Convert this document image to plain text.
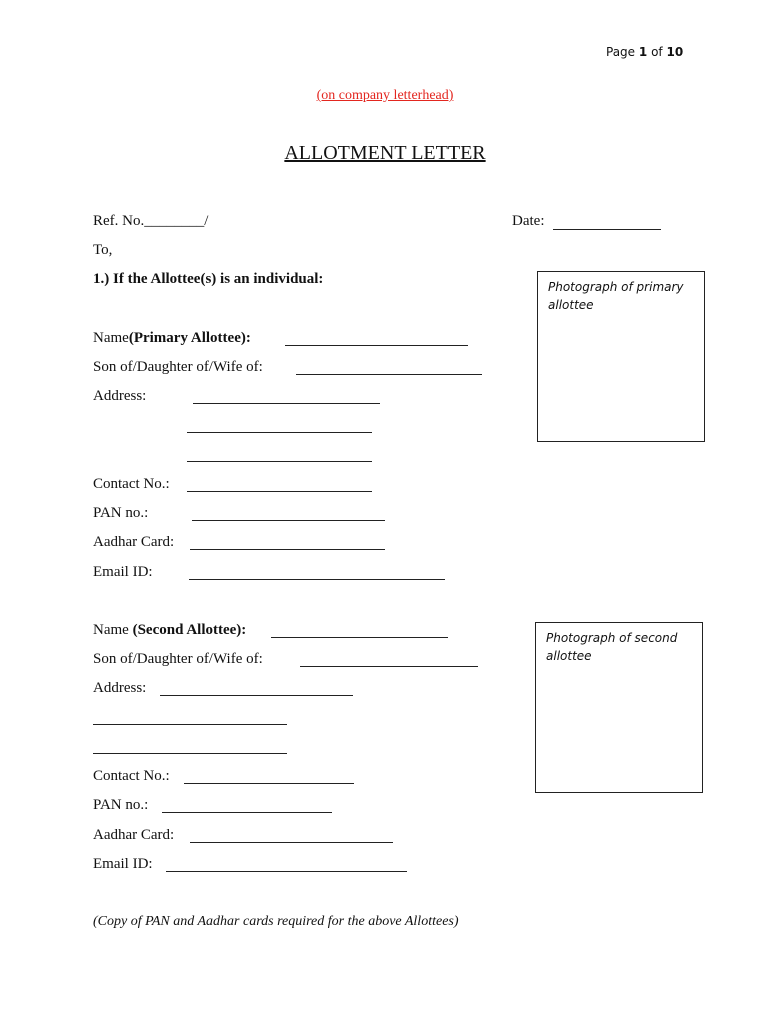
Page 1 of 10
(on company letterhead)
ALLOTMENT LETTER
Ref. No.________/	Date:
To,
1.) If the Allottee(s) is an individual:	Photograph of primary allottee
Name(Primary Allottee):
Son of/Daughter of/Wife of:
Address:
Contact No.:
PAN no.:
Aadhar Card:
Email ID:
Photograph of second allottee
Name (Second Allottee):
Son of/Daughter of/Wife of:
Address:
Contact No.:
PAN no.:
Aadhar Card:
Email ID:
(Copy of PAN and Aadhar cards required for the above Allottees)
